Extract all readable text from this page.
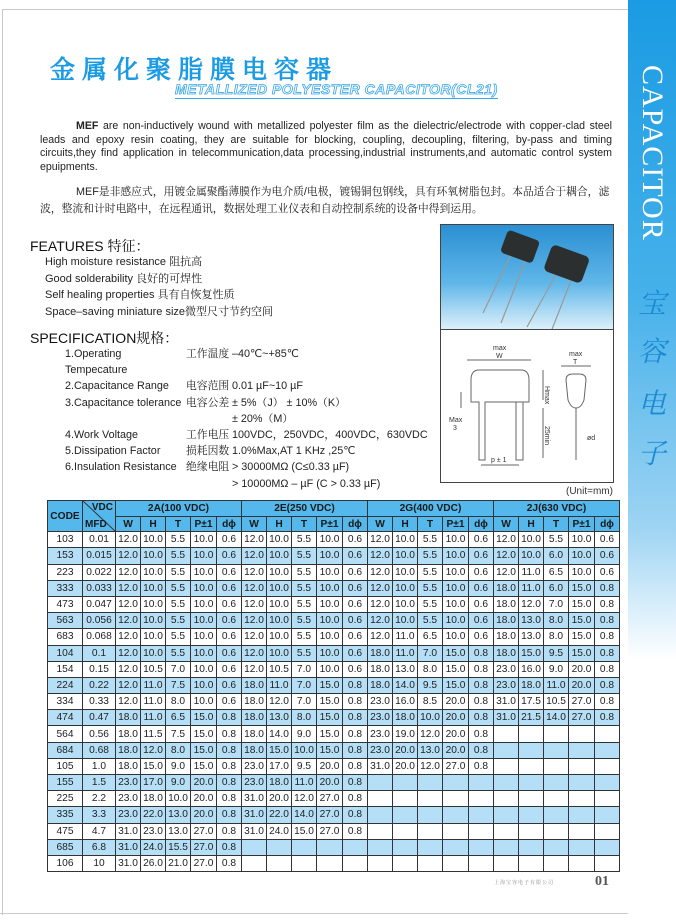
CAPACITOR
宝
容
电
子
金属化聚脂膜电容器
METALLIZED POLYESTER CAPACITOR(CL21)
MEF are non-inductively wound with metallized polyester film as the dielectric/electrode with copper-clad steel leads and epoxy resin coating, they are suitable for blocking, coupling, decoupling, filtering, by-pass and timing circuits,they find application in telecommunication,data processing,industrial instruments,and automatic control system epuipments.
MEF是非感应式，用镀金属聚酯薄膜作为电介质/电极，镀锡铜包钢线，具有环氧树脂包封。本品适合于耦合，滤波，整流和计时电路中，在远程通讯，数据处理工业仪表和自动控制系统的设备中得到运用。
FEATURES 特征：
High moisture resistance 阻抗高
Good solderability 良好的可焊性
Self healing properties 具有自恢复性质
Space–saving miniature size微型尺寸节约空间
SPECIFICATION规格：
1.Operating Tempecature
工作温度 –40℃~+85℃
2.Capacitance Range	电容范围 0.01 µF~10 µF
3.Capacitance tolerance 电容公差 ± 5%（J） ± 10%（K）
± 20%（M）
4.Work Voltage	工作电压 100VDC，250VDC，400VDC，630VDC
5.Dissipation Factor	损耗因数 1.0%Max,AT 1 KHz ,25℃
6.Insulation Resistance 绝缘电阻 > 30000MΩ (C≤0.33 µF)
> 10000MΩ – µF (C > 0.33 µF)
max
W
Hmax
25min
Max
3
p ± 1
max
T
ød
(Unit=mm)
CODE	VDC
MFD	2A(100 VDC)					2E(250 VDC)					2G(400 VDC)					2J(630 VDC)				
		W	H	T	P±1	dϕ	W	H	T	P±1	dϕ	W	H	T	P±1	dϕ	W	H	T	P±1	dϕ
103	0.01	12.0	10.0	5.5	10.0	0.6	12.0	10.0	5.5	10.0	0.6	12.0	10.0	5.5	10.0	0.6	12.0	10.0	5.5	10.0	0.6
153	0.015	12.0	10.0	5.5	10.0	0.6	12.0	10.0	5.5	10.0	0.6	12.0	10.0	5.5	10.0	0.6	12.0	10.0	6.0	10.0	0.6
223	0.022	12.0	10.0	5.5	10.0	0.6	12.0	10.0	5.5	10.0	0.6	12.0	10.0	5.5	10.0	0.6	12.0	11.0	6.5	10.0	0.6
333	0.033	12.0	10.0	5.5	10.0	0.6	12.0	10.0	5.5	10.0	0.6	12.0	10.0	5.5	10.0	0.6	18.0	11.0	6.0	15.0	0.8
473	0.047	12.0	10.0	5.5	10.0	0.6	12.0	10.0	5.5	10.0	0.6	12.0	10.0	5.5	10.0	0.6	18.0	12.0	7.0	15.0	0.8
563	0.056	12.0	10.0	5.5	10.0	0.6	12.0	10.0	5.5	10.0	0.6	12.0	10.0	5.5	10.0	0.6	18.0	13.0	8.0	15.0	0.8
683	0.068	12.0	10.0	5.5	10.0	0.6	12.0	10.0	5.5	10.0	0.6	12.0	11.0	6.5	10.0	0.6	18.0	13.0	8.0	15.0	0.8
104	0.1	12.0	10.0	5.5	10.0	0.6	12.0	10.0	5.5	10.0	0.6	18.0	11.0	7.0	15.0	0.8	18.0	15.0	9.5	15.0	0.8
154	0.15	12.0	10.5	7.0	10.0	0.6	12.0	10.5	7.0	10.0	0.6	18.0	13.0	8.0	15.0	0.8	23.0	16.0	9.0	20.0	0.8
224	0.22	12.0	11.0	7.5	10.0	0.6	18.0	11.0	7.0	15.0	0.8	18.0	14.0	9.5	15.0	0.8	23.0	18.0	11.0	20.0	0.8
334	0.33	12.0	11.0	8.0	10.0	0.6	18.0	12.0	7.0	15.0	0.8	23.0	16.0	8.5	20.0	0.8	31.0	17.5	10.5	27.0	0.8
474	0.47	18.0	11.0	6.5	15.0	0.8	18.0	13.0	8.0	15.0	0.8	23.0	18.0	10.0	20.0	0.8	31.0	21.5	14.0	27.0	0.8
564	0.56	18.0	11.5	7.5	15.0	0.8	18.0	14.0	9.0	15.0	0.8	23.0	19.0	12.0	20.0	0.8					
684	0.68	18.0	12.0	8.0	15.0	0.8	18.0	15.0	10.0	15.0	0.8	23.0	20.0	13.0	20.0	0.8					
105	1.0	18.0	15.0	9.0	15.0	0.8	23.0	17.0	9.5	20.0	0.8	31.0	20.0	12.0	27.0	0.8					
155	1.5	23.0	17.0	9.0	20.0	0.8	23.0	18.0	11.0	20.0	0.8										
225	2.2	23.0	18.0	10.0	20.0	0.8	31.0	20.0	12.0	27.0	0.8										
335	3.3	23.0	22.0	13.0	20.0	0.8	31.0	22.0	14.0	27.0	0.8										
475	4.7	31.0	23.0	13.0	27.0	0.8	31.0	24.0	15.0	27.0	0.8										
685	6.8	31.0	24.0	15.5	27.0	0.8															
106	10	31.0	26.0	21.0	27.0	0.8															
上海宝容电子有限公司	01
